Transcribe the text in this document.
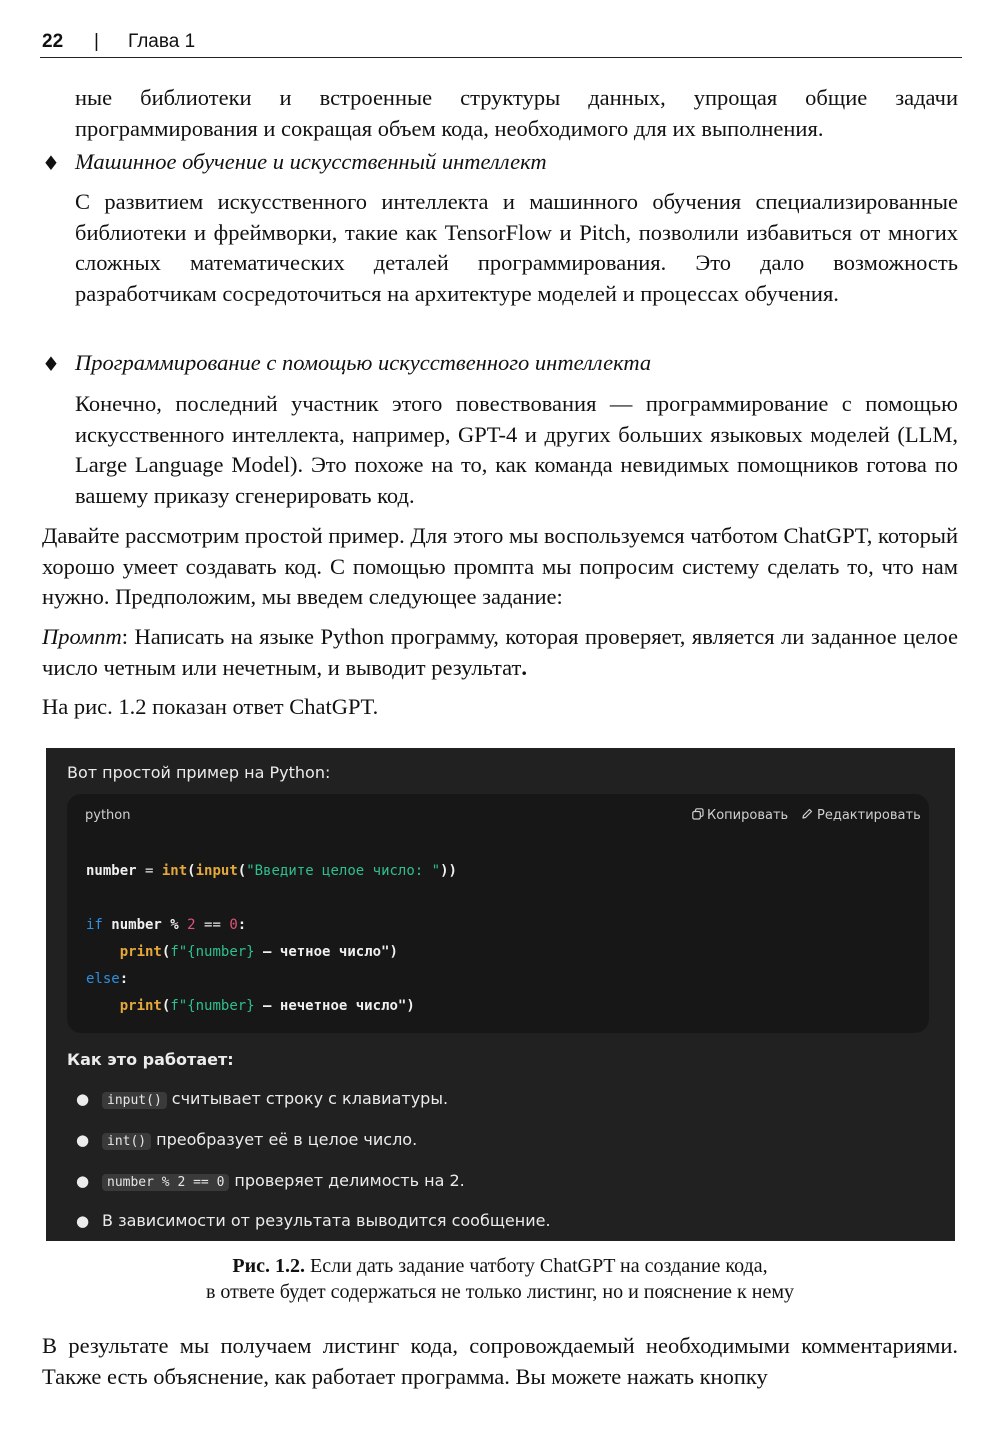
22 | Глава 1

ные библиотеки и встроенные структуры данных, упрощая общие задачи программирования и сокращая объем кода, необходимого для их выполнения.

♦ Машинное обучение и искусственный интеллект

С развитием искусственного интеллекта и машинного обучения специализированные библиотеки и фреймворки, такие как TensorFlow и Pitch, позволили избавиться от многих сложных математических деталей программирования. Это дало возможность разработчикам сосредоточиться на архитектуре моделей и процессах обучения.

♦ Программирование с помощью искусственного интеллекта

Конечно, последний участник этого повествования — программирование с помощью искусственного интеллекта, например, GPT-4 и других больших языковых моделей (LLM, Large Language Model). Это похоже на то, как команда невидимых помощников готова по вашему приказу сгенерировать код.

Давайте рассмотрим простой пример. Для этого мы воспользуемся чатботом ChatGPT, который хорошо умеет создавать код. С помощью промпта мы попросим систему сделать то, что нам нужно. Предположим, мы введем следующее задание:

Промпт: Написать на языке Python программу, которая проверяет, является ли заданное целое число четным или нечетным, и выводит результат.

На рис. 1.2 показан ответ ChatGPT.

Вот простой пример на Python:
python	Копировать	Редактировать
number = int(input("Введите целое число: "))

if number % 2 == 0:
print(f"{number} — четное число")
else:
print(f"{number} — нечетное число")
Как это работает:
●	input() считывает строку с клавиатуры.
●	int() преобразует её в целое число.
●	number % 2 == 0 проверяет делимость на 2.
● В зависимости от результата выводится сообщение.
Рис. 1.2. Если дать задание чатботу ChatGPT на создание кода,
в ответе будет содержаться не только листинг, но и пояснение к нему

В результате мы получаем листинг кода, сопровождаемый необходимыми комментариями. Также есть объяснение, как работает программа. Вы можете нажать кнопку
